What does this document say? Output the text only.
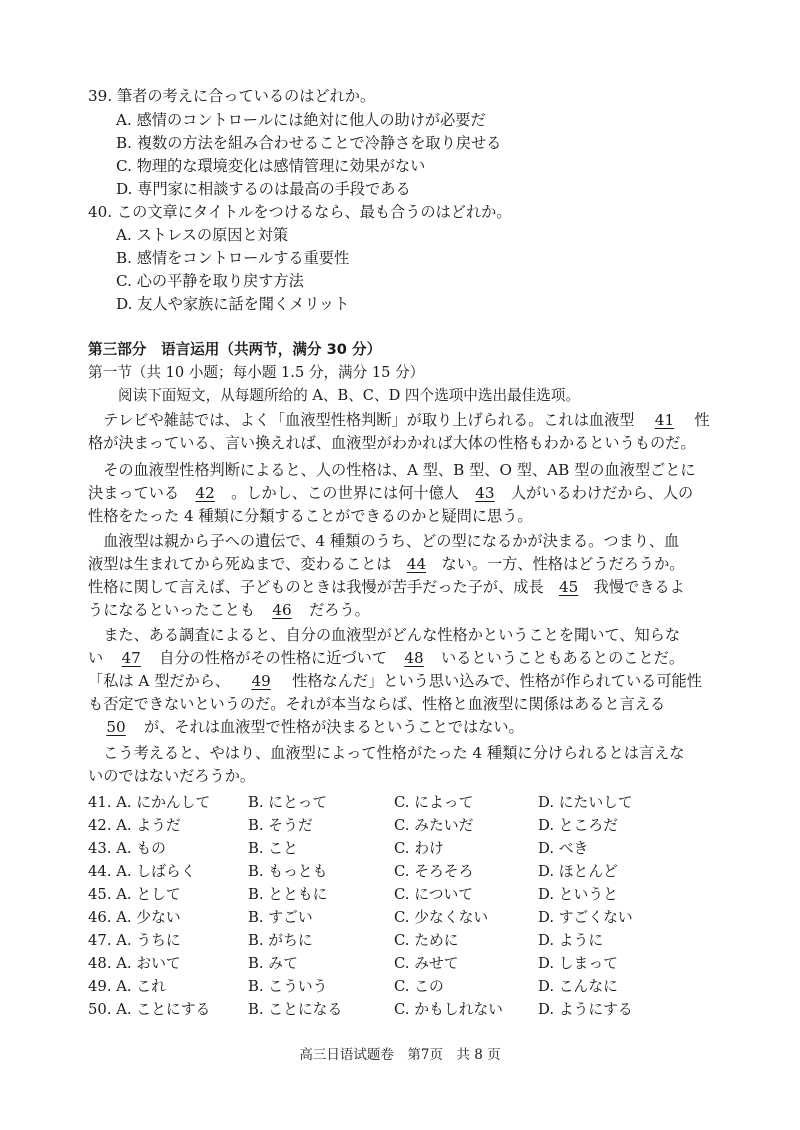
39. 筆者の考えに合っているのはどれか。
A. 感情のコントロールには絶対に他人の助けが必要だ
B. 複数の方法を組み合わせることで冷静さを取り戻せる
C. 物理的な環境変化は感情管理に効果がない
D. 専門家に相談するのは最高の手段である
40. この文章にタイトルをつけるなら、最も合うのはどれか。
A. ストレスの原因と対策
B. 感情をコントロールする重要性
C. 心の平静を取り戻す方法
D. 友人や家族に話を聞くメリット
第三部分　语言运用（共两节，满分 30 分）
第一节（共 10 小题；每小题 1.5 分，满分 15 分）
阅读下面短文，从每题所给的 A、B、C、D 四个选项中选出最佳选项。
　テレビや雑誌では、よく「血液型性格判断」が取り上げられる。これは血液型 41 性
格が決まっている、言い換えれば、血液型がわかれば大体の性格もわかるというものだ。
　その血液型性格判断によると、人の性格は、A 型、B 型、O 型、AB 型の血液型ごとに
決まっている 42 。しかし、この世界には何十億人 43 人がいるわけだから、人の
性格をたった 4 種類に分類することができるのかと疑問に思う。
　血液型は親から子への遺伝で、4 種類のうち、どの型になるかが決まる。つまり、血
液型は生まれてから死ぬまで、変わることは 44 ない。一方、性格はどうだろうか。
性格に関して言えば、子どものときは我慢が苦手だった子が、成長 45 我慢できるよ
うになるといったことも 46 だろう。
　また、ある調査によると、自分の血液型がどんな性格かということを聞いて、知らな
い 47 自分の性格がその性格に近づいて 48 いるということもあるとのことだ。
「私は A 型だから、 49 性格なんだ」という思い込みで、性格が作られている可能性
も否定できないというのだ。それが本当ならば、性格と血液型に関係はあると言える
50 が、それは血液型で性格が決まるということではない。
　こう考えると、やはり、血液型によって性格がたった 4 種類に分けられるとは言えな
いのではないだろうか。
41. A. にかんして	B. にとって	C. によって	D. にたいして
42. A. ようだ	B. そうだ	C. みたいだ	D. ところだ
43. A. もの	B. こと	C. わけ	D. べき
44. A. しばらく	B. もっとも	C. そろそろ	D. ほとんど
45. A. として	B. とともに	C. について	D. というと
46. A. 少ない	B. すごい	C. 少なくない	D. すごくない
47. A. うちに	B. がちに	C. ために	D. ように
48. A. おいて	B. みて	C. みせて	D. しまって
49. A. これ	B. こういう	C. この	D. こんなに
50. A. ことにする	B. ことになる	C. かもしれない D. ようにする
高三日语试题卷　第7页　共 8 页
